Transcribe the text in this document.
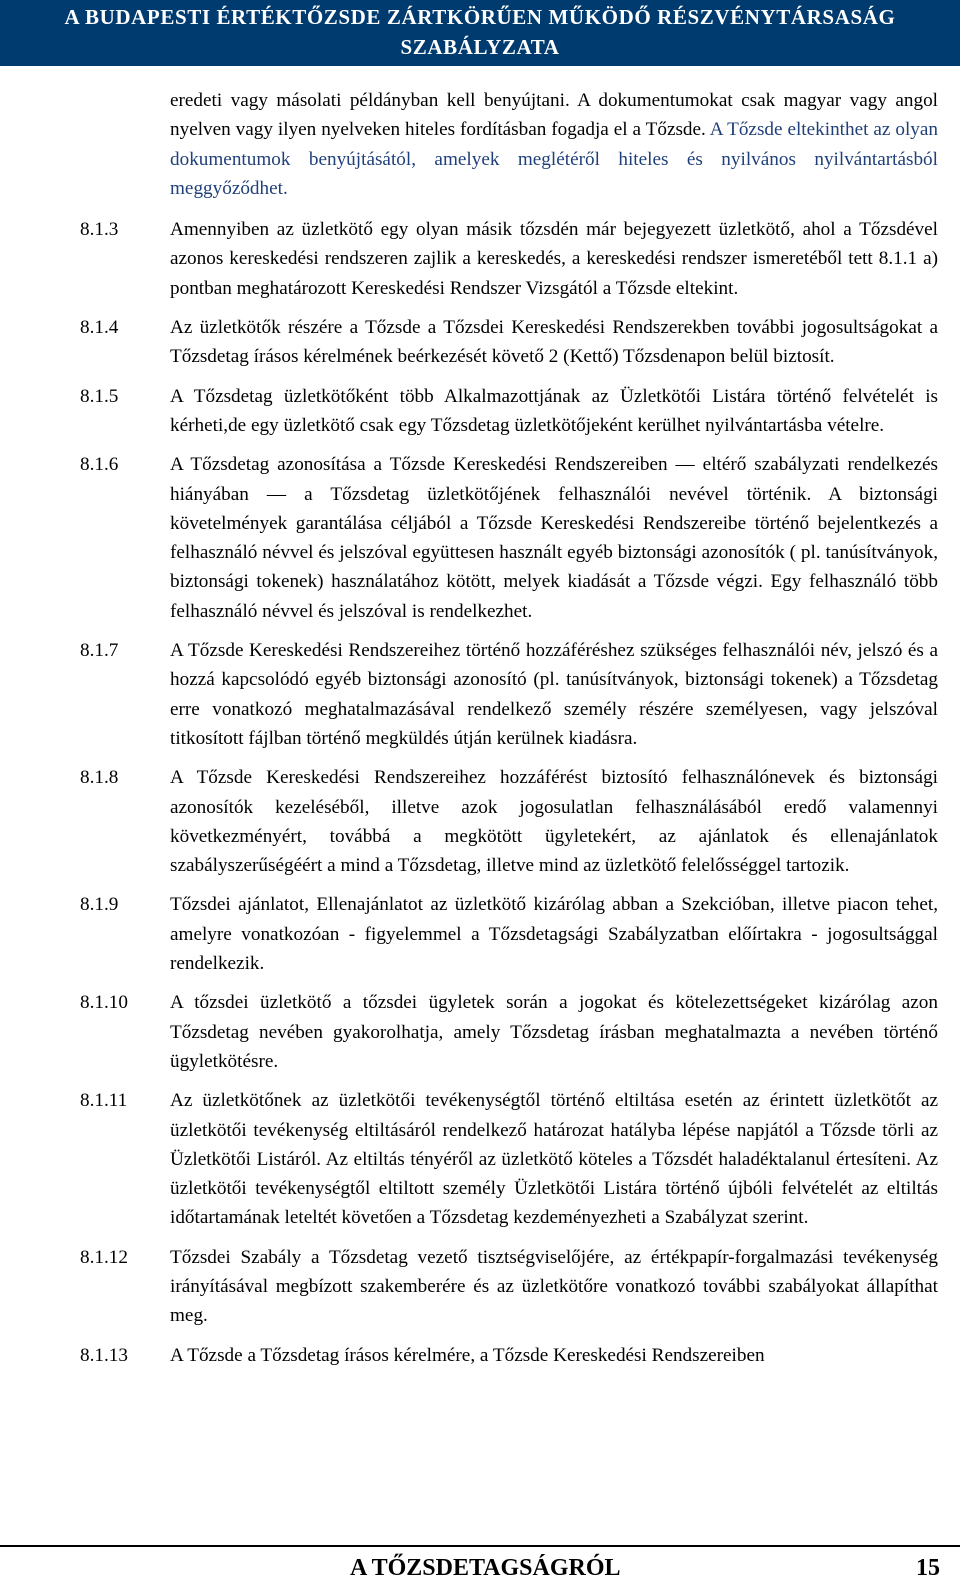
A BUDAPESTI ÉRTÉKTŐZSDE ZÁRTKÖRŰEN MŰKÖDŐ RÉSZVÉNYTÁRSASÁG
SZABÁLYZATA
eredeti vagy másolati példányban kell benyújtani. A dokumentumokat csak magyar vagy angol nyelven vagy ilyen nyelveken hiteles fordításban fogadja el a Tőzsde. A Tőzsde eltekinthet az olyan dokumentumok benyújtásától, amelyek meglétéről hiteles és nyilvános nyilvántartásból meggyőződhet.
8.1.3	Amennyiben az üzletkötő egy olyan másik tőzsdén már bejegyezett üzletkötő, ahol a Tőzsdével azonos kereskedési rendszeren zajlik a kereskedés, a kereskedési rendszer ismeretéből tett 8.1.1 a) pontban meghatározott Kereskedési Rendszer Vizsgától a Tőzsde eltekint.
8.1.4	Az üzletkötők részére a Tőzsde a Tőzsdei Kereskedési Rendszerekben további jogosultságokat a Tőzsdetag írásos kérelmének beérkezését követő 2 (Kettő) Tőzsdenapon belül biztosít.
8.1.5	A Tőzsdetag üzletkötőként több Alkalmazottjának az Üzletkötői Listára történő felvételét is kérheti,de egy üzletkötő csak egy Tőzsdetag üzletkötőjeként kerülhet nyilvántartásba vételre.
8.1.6	A Tőzsdetag azonosítása a Tőzsde Kereskedési Rendszereiben — eltérő szabályzati rendelkezés hiányában — a Tőzsdetag üzletkötőjének felhasználói nevével történik. A biztonsági követelmények garantálása céljából a Tőzsde Kereskedési Rendszereibe történő bejelentkezés a felhasználó névvel és jelszóval együttesen használt egyéb biztonsági azonosítók ( pl. tanúsítványok, biztonsági tokenek) használatához kötött, melyek kiadását a Tőzsde végzi. Egy felhasználó több felhasználó névvel és jelszóval is rendelkezhet.
8.1.7	A Tőzsde Kereskedési Rendszereihez történő hozzáféréshez szükséges felhasználói név, jelszó és a hozzá kapcsolódó egyéb biztonsági azonosító (pl. tanúsítványok, biztonsági tokenek) a Tőzsdetag erre vonatkozó meghatalmazásával rendelkező személy részére személyesen, vagy jelszóval titkosított fájlban történő megküldés útján kerülnek kiadásra.
8.1.8	A Tőzsde Kereskedési Rendszereihez hozzáférést biztosító felhasználónevek és biztonsági azonosítók kezeléséből, illetve azok jogosulatlan felhasználásából eredő valamennyi következményért, továbbá a megkötött ügyletekért, az ajánlatok és ellenajánlatok szabályszerűségéért a mind a Tőzsdetag, illetve mind az üzletkötő felelősséggel tartozik.
8.1.9	Tőzsdei ajánlatot, Ellenajánlatot az üzletkötő kizárólag abban a Szekcióban, illetve piacon tehet, amelyre vonatkozóan - figyelemmel a Tőzsdetagsági Szabályzatban előírtakra - jogosultsággal rendelkezik.
8.1.10 A tőzsdei üzletkötő a tőzsdei ügyletek során a jogokat és kötelezettségeket kizárólag azon Tőzsdetag nevében gyakorolhatja, amely Tőzsdetag írásban meghatalmazta a nevében történő ügyletkötésre.
8.1.11 Az üzletkötőnek az üzletkötői tevékenységtől történő eltiltása esetén az érintett üzletkötőt az üzletkötői tevékenység eltiltásáról rendelkező határozat hatályba lépése napjától a Tőzsde törli az Üzletkötői Listáról. Az eltiltás tényéről az üzletkötő köteles a Tőzsdét haladéktalanul értesíteni. Az üzletkötői tevékenységtől eltiltott személy Üzletkötői Listára történő újbóli felvételét az eltiltás időtartamának leteltét követően a Tőzsdetag kezdeményezheti a Szabályzat szerint.
8.1.12 Tőzsdei Szabály a Tőzsdetag vezető tisztségviselőjére, az értékpapír-forgalmazási tevékenység irányításával megbízott szakemberére és az üzletkötőre vonatkozó további szabályokat állapíthat meg.
8.1.13 A Tőzsde a Tőzsdetag írásos kérelmére, a Tőzsde Kereskedési Rendszereiben
A TŐZSDETAGSÁGRÓL	15
